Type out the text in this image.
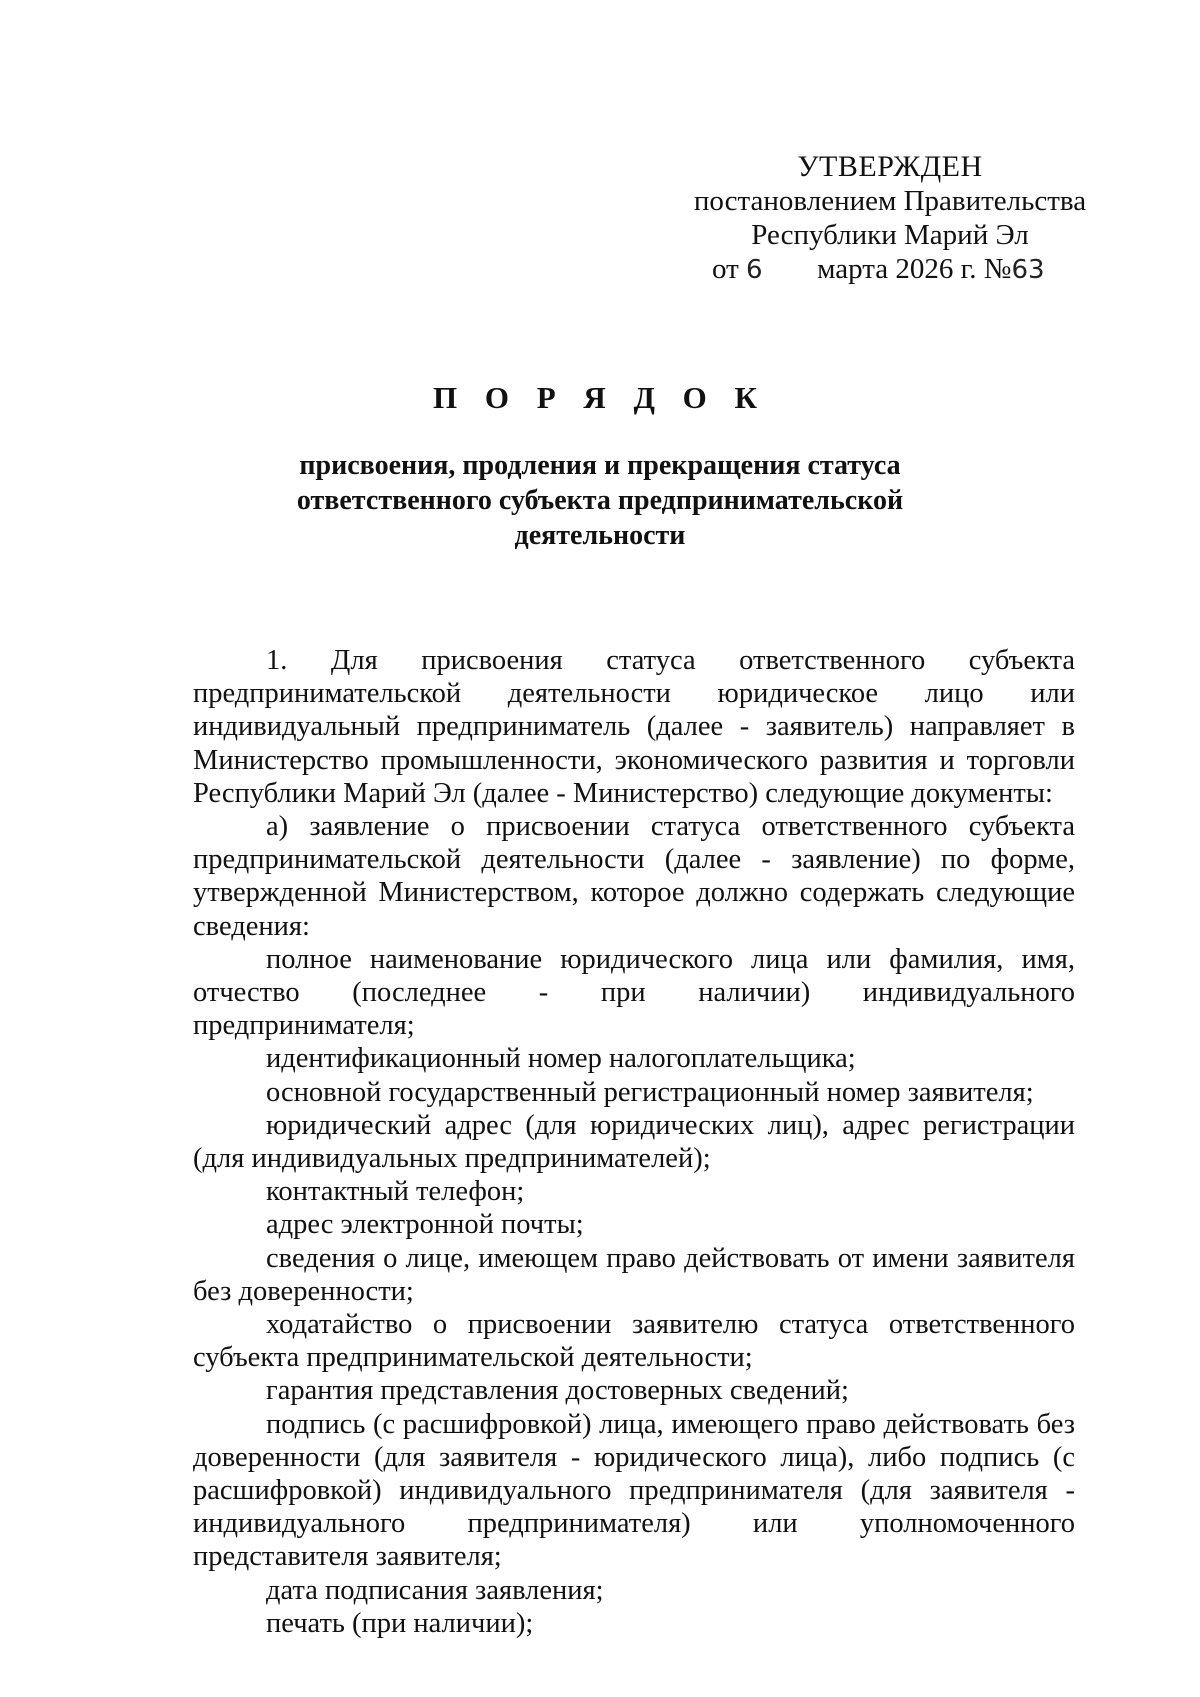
УТВЕРЖДЕН
постановлением Правительства
Республики Марий Эл
от 6 марта 2026 г. №63
П О Р Я Д О К
присвоения, продления и прекращения статуса
ответственного субъекта предпринимательской
деятельности

1. Для присвоения статуса ответственного субъекта предпринимательской деятельности юридическое лицо или индивидуальный предприниматель (далее - заявитель) направляет в Министерство промышленности, экономического развития и торговли Республики Марий Эл (далее - Министерство) следующие документы:

а) заявление о присвоении статуса ответственного субъекта предпринимательской деятельности (далее - заявление) по форме, утвержденной Министерством, которое должно содержать следующие сведения:

полное наименование юридического лица или фамилия, имя, отчество (последнее - при наличии) индивидуального предпринимателя;

идентификационный номер налогоплательщика;

основной государственный регистрационный номер заявителя;

юридический адрес (для юридических лиц), адрес регистрации (для индивидуальных предпринимателей);

контактный телефон;

адрес электронной почты;

сведения о лице, имеющем право действовать от имени заявителя без доверенности;

ходатайство о присвоении заявителю статуса ответственного субъекта предпринимательской деятельности;

гарантия представления достоверных сведений;

подпись (с расшифровкой) лица, имеющего право действовать без доверенности (для заявителя - юридического лица), либо подпись (с расшифровкой) индивидуального предпринимателя (для заявителя - индивидуального предпринимателя) или уполномоченного представителя заявителя;

дата подписания заявления;

печать (при наличии);
